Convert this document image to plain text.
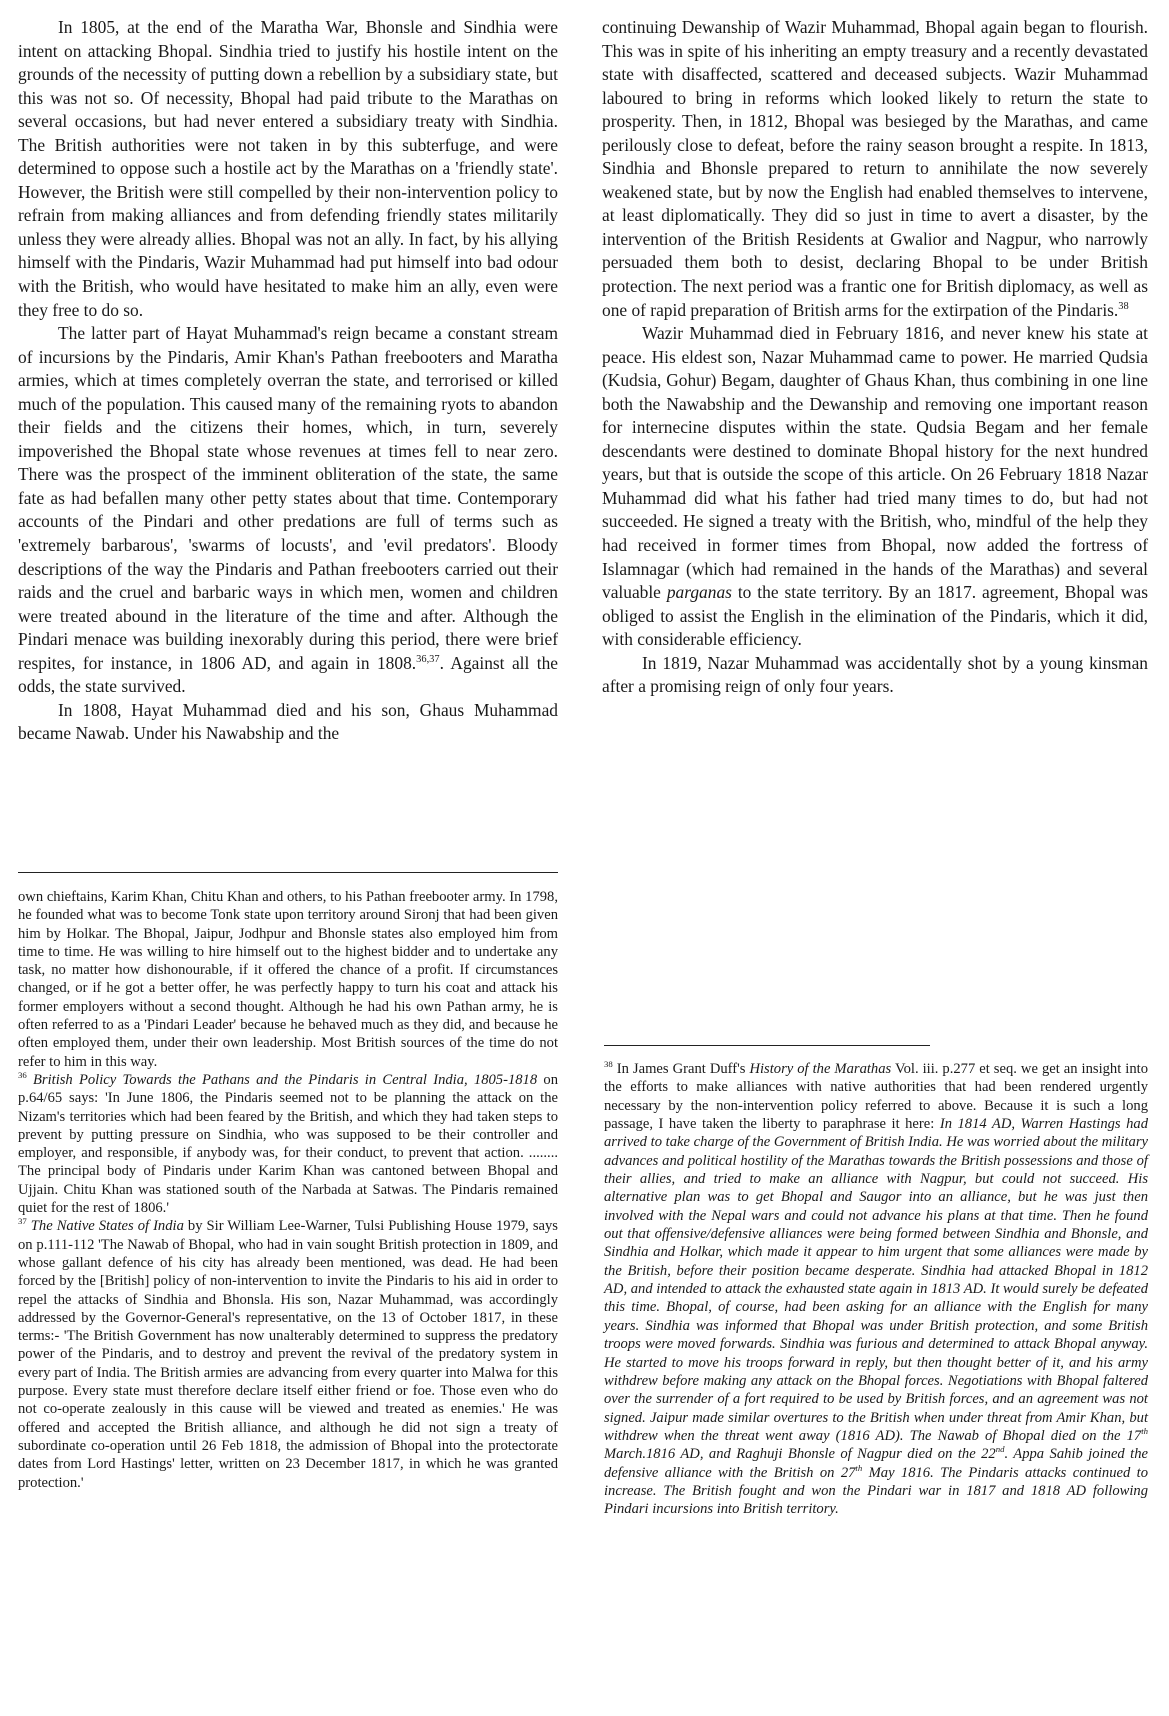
In 1805, at the end of the Maratha War, Bhonsle and Sindhia were intent on attacking Bhopal. Sindhia tried to justify his hostile intent on the grounds of the necessity of putting down a rebellion by a subsidiary state, but this was not so. Of necessity, Bhopal had paid tribute to the Marathas on several occasions, but had never entered a subsidiary treaty with Sindhia. The British authorities were not taken in by this subterfuge, and were determined to oppose such a hostile act by the Marathas on a 'friendly state'. However, the British were still compelled by their non-intervention policy to refrain from making alliances and from defending friendly states militarily unless they were already allies. Bhopal was not an ally. In fact, by his allying himself with the Pindaris, Wazir Muhammad had put himself into bad odour with the British, who would have hesitated to make him an ally, even were they free to do so.

The latter part of Hayat Muhammad's reign became a constant stream of incursions by the Pindaris, Amir Khan's Pathan freebooters and Maratha armies, which at times completely overran the state, and terrorised or killed much of the population. This caused many of the remaining ryots to abandon their fields and the citizens their homes, which, in turn, severely impoverished the Bhopal state whose revenues at times fell to near zero. There was the prospect of the imminent obliteration of the state, the same fate as had befallen many other petty states about that time. Contemporary accounts of the Pindari and other predations are full of terms such as 'extremely barbarous', 'swarms of locusts', and 'evil predators'. Bloody descriptions of the way the Pindaris and Pathan freebooters carried out their raids and the cruel and barbaric ways in which men, women and children were treated abound in the literature of the time and after. Although the Pindari menace was building inexorably during this period, there were brief respites, for instance, in 1806 AD, and again in 1808.$^{36,37}$. Against all the odds, the state survived.

In 1808, Hayat Muhammad died and his son, Ghaus Muhammad became Nawab. Under his Nawabship and the

continuing Dewanship of Wazir Muhammad, Bhopal again began to flourish. This was in spite of his inheriting an empty treasury and a recently devastated state with disaffected, scattered and deceased subjects. Wazir Muhammad laboured to bring in reforms which looked likely to return the state to prosperity. Then, in 1812, Bhopal was besieged by the Marathas, and came perilously close to defeat, before the rainy season brought a respite. In 1813, Sindhia and Bhonsle prepared to return to annihilate the now severely weakened state, but by now the English had enabled themselves to intervene, at least diplomatically. They did so just in time to avert a disaster, by the intervention of the British Residents at Gwalior and Nagpur, who narrowly persuaded them both to desist, declaring Bhopal to be under British protection. The next period was a frantic one for British diplomacy, as well as one of rapid preparation of British arms for the extirpation of the Pindaris.$^{38}$

Wazir Muhammad died in February 1816, and never knew his state at peace. His eldest son, Nazar Muhammad came to power. He married Qudsia (Kudsia, Gohur) Begam, daughter of Ghaus Khan, thus combining in one line both the Nawabship and the Dewanship and removing one important reason for internecine disputes within the state. Qudsia Begam and her female descendants were destined to dominate Bhopal history for the next hundred years, but that is outside the scope of this article. On 26 February 1818 Nazar Muhammad did what his father had tried many times to do, but had not succeeded. He signed a treaty with the British, who, mindful of the help they had received in former times from Bhopal, now added the fortress of Islamnagar (which had remained in the hands of the Marathas) and several valuable parganas to the state territory. By an 1817. agreement, Bhopal was obliged to assist the English in the elimination of the Pindaris, which it did, with considerable efficiency.

In 1819, Nazar Muhammad was accidentally shot by a young kinsman after a promising reign of only four years.

own chieftains, Karim Khan, Chitu Khan and others, to his Pathan freebooter army. In 1798, he founded what was to become Tonk state upon territory around Sironj that had been given him by Holkar. The Bhopal, Jaipur, Jodhpur and Bhonsle states also employed him from time to time. He was willing to hire himself out to the highest bidder and to undertake any task, no matter how dishonourable, if it offered the chance of a profit. If circumstances changed, or if he got a better offer, he was perfectly happy to turn his coat and attack his former employers without a second thought. Although he had his own Pathan army, he is often referred to as a 'Pindari Leader' because he behaved much as they did, and because he often employed them, under their own leadership. Most British sources of the time do not refer to him in this way.

$^{36}$ British Policy Towards the Pathans and the Pindaris in Central India, 1805-1818 on p.64/65 says: 'In June 1806, the Pindaris seemed not to be planning the attack on the Nizam's territories which had been feared by the British, and which they had taken steps to prevent by putting pressure on Sindhia, who was supposed to be their controller and employer, and responsible, if anybody was, for their conduct, to prevent that action. ........ The principal body of Pindaris under Karim Khan was cantoned between Bhopal and Ujjain. Chitu Khan was stationed south of the Narbada at Satwas. The Pindaris remained quiet for the rest of 1806.'

$^{37}$ The Native States of India by Sir William Lee-Warner, Tulsi Publishing House 1979, says on p.111-112 'The Nawab of Bhopal, who had in vain sought British protection in 1809, and whose gallant defence of his city has already been mentioned, was dead. He had been forced by the [British] policy of non-intervention to invite the Pindaris to his aid in order to repel the attacks of Sindhia and Bhonsla. His son, Nazar Muhammad, was accordingly addressed by the Governor-General's representative, on the 13 of October 1817, in these terms:- 'The British Government has now unalterably determined to suppress the predatory power of the Pindaris, and to destroy and prevent the revival of the predatory system in every part of India. The British armies are advancing from every quarter into Malwa for this purpose. Every state must therefore declare itself either friend or foe. Those even who do not co-operate zealously in this cause will be viewed and treated as enemies.' He was offered and accepted the British alliance, and although he did not sign a treaty of subordinate co-operation until 26 Feb 1818, the admission of Bhopal into the protectorate dates from Lord Hastings' letter, written on 23 December 1817, in which he was granted protection.'

$^{38}$ In James Grant Duff's History of the Marathas Vol. iii. p.277 et seq. we get an insight into the efforts to make alliances with native authorities that had been rendered urgently necessary by the non-intervention policy referred to above. Because it is such a long passage, I have taken the liberty to paraphrase it here: In 1814 AD, Warren Hastings had arrived to take charge of the Government of British India. He was worried about the military advances and political hostility of the Marathas towards the British possessions and those of their allies, and tried to make an alliance with Nagpur, but could not succeed. His alternative plan was to get Bhopal and Saugor into an alliance, but he was just then involved with the Nepal wars and could not advance his plans at that time. Then he found out that offensive/defensive alliances were being formed between Sindhia and Bhonsle, and Sindhia and Holkar, which made it appear to him urgent that some alliances were made by the British, before their position became desperate. Sindhia had attacked Bhopal in 1812 AD, and intended to attack the exhausted state again in 1813 AD. It would surely be defeated this time. Bhopal, of course, had been asking for an alliance with the English for many years. Sindhia was informed that Bhopal was under British protection, and some British troops were moved forwards. Sindhia was furious and determined to attack Bhopal anyway. He started to move his troops forward in reply, but then thought better of it, and his army withdrew before making any attack on the Bhopal forces. Negotiations with Bhopal faltered over the surrender of a fort required to be used by British forces, and an agreement was not signed. Jaipur made similar overtures to the British when under threat from Amir Khan, but withdrew when the threat went away (1816 AD). The Nawab of Bhopal died on the 17th March.1816 AD, and Raghuji Bhonsle of Nagpur died on the 22nd. Appa Sahib joined the defensive alliance with the British on 27th May 1816. The Pindaris attacks continued to increase. The British fought and won the Pindari war in 1817 and 1818 AD following Pindari incursions into British territory.
